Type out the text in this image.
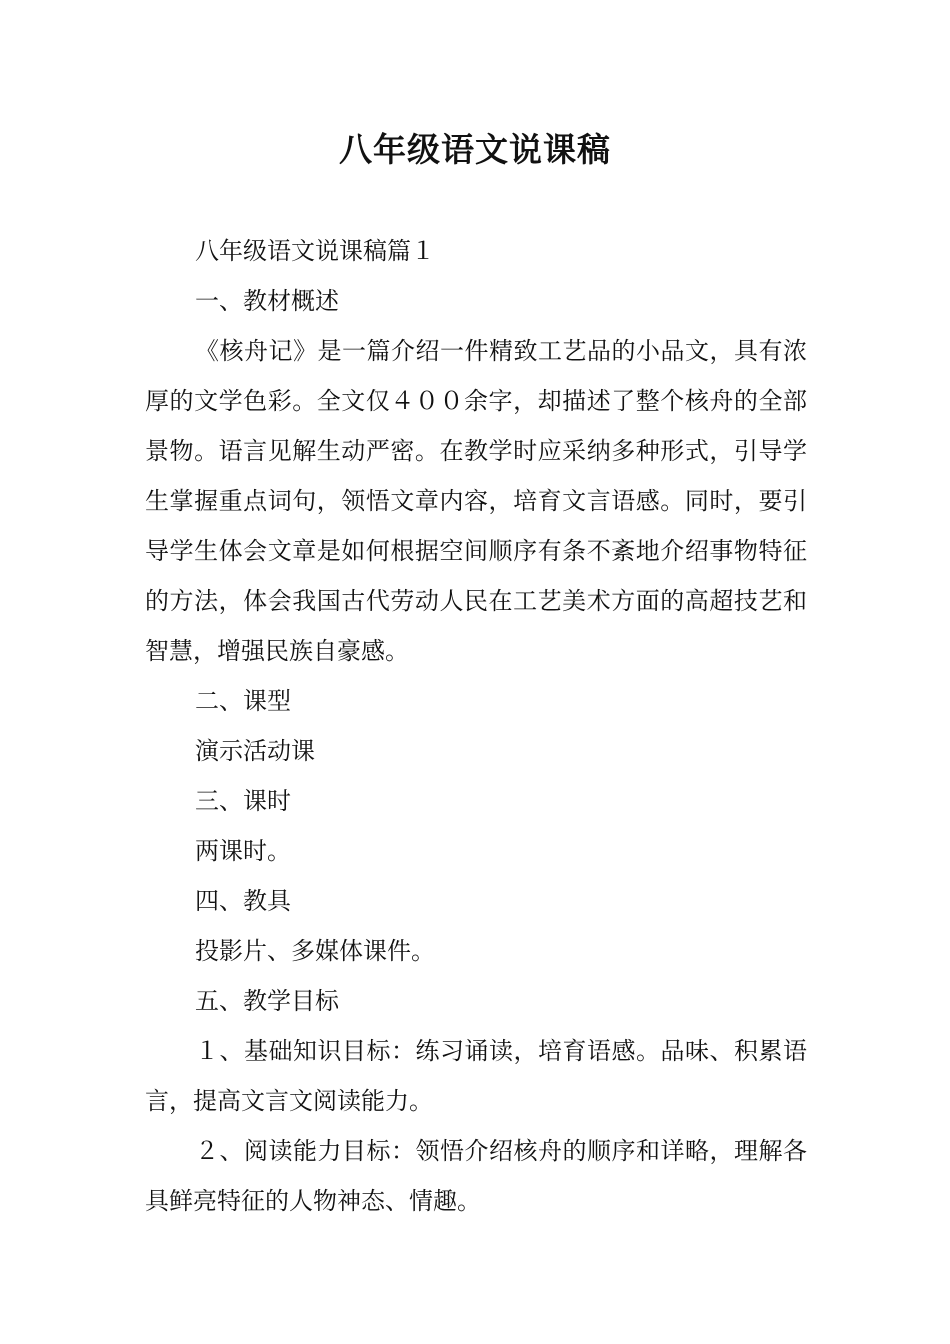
八年级语文说课稿

八年级语文说课稿篇１

一、教材概述

《核舟记》是一篇介绍一件精致工艺品的小品文，具有浓厚的文学色彩。全文仅４００余字，却描述了整个核舟的全部景物。语言见解生动严密。在教学时应采纳多种形式，引导学生掌握重点词句，领悟文章内容，培育文言语感。同时，要引导学生体会文章是如何根据空间顺序有条不紊地介绍事物特征的方法，体会我国古代劳动人民在工艺美术方面的高超技艺和智慧，增强民族自豪感。

二、课型

演示活动课

三、课时

两课时。

四、教具

投影片、多媒体课件。

五、教学目标

１、基础知识目标：练习诵读，培育语感。品味、积累语言，提高文言文阅读能力。

２、阅读能力目标：领悟介绍核舟的顺序和详略，理解各具鲜亮特征的人物神态、情趣。
